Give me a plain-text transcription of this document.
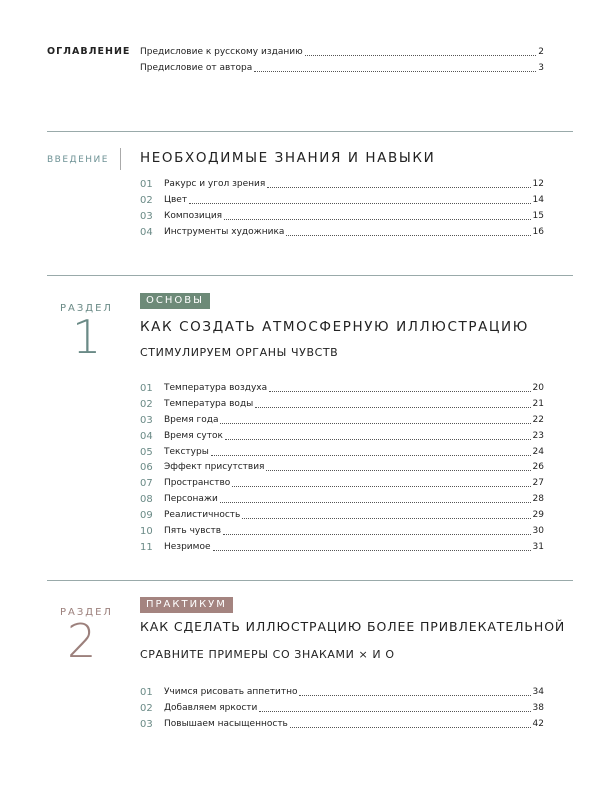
ОГЛАВЛЕНИЕ Предисловие к русскому изданию	2
Предисловие от автора	3
ВВЕДЕНИЕ НЕОБХОДИМЫЕ ЗНАНИЯ И НАВЫКИ
01	Ракурс и угол зрения	12
02	Цвет	14
03	Композиция	15
04	Инструменты художника	16
РАЗДЕЛ
1
ОСНОВЫ
КАК СОЗДАТЬ АТМОСФЕРНУЮ ИЛЛЮСТРАЦИЮ
СТИМУЛИРУЕМ ОРГАНЫ ЧУВСТВ
01	Температура воздуха	20
02	Температура воды	21
03	Время года	22
04	Время суток	23
05	Текстуры	24
06	Эффект присутствия	26
07	Пространство	27
08	Персонажи	28
09	Реалистичность	29
10	Пять чувств	30
11	Незримое	31
РАЗДЕЛ
2
ПРАКТИКУМ
КАК СДЕЛАТЬ ИЛЛЮСТРАЦИЮ БОЛЕЕ ПРИВЛЕКАТЕЛЬНОЙ
СРАВНИТЕ ПРИМЕРЫ СО ЗНАКАМИ × И О
01	Учимся рисовать аппетитно	34
02	Добавляем яркости	38
03	Повышаем насыщенность	42
